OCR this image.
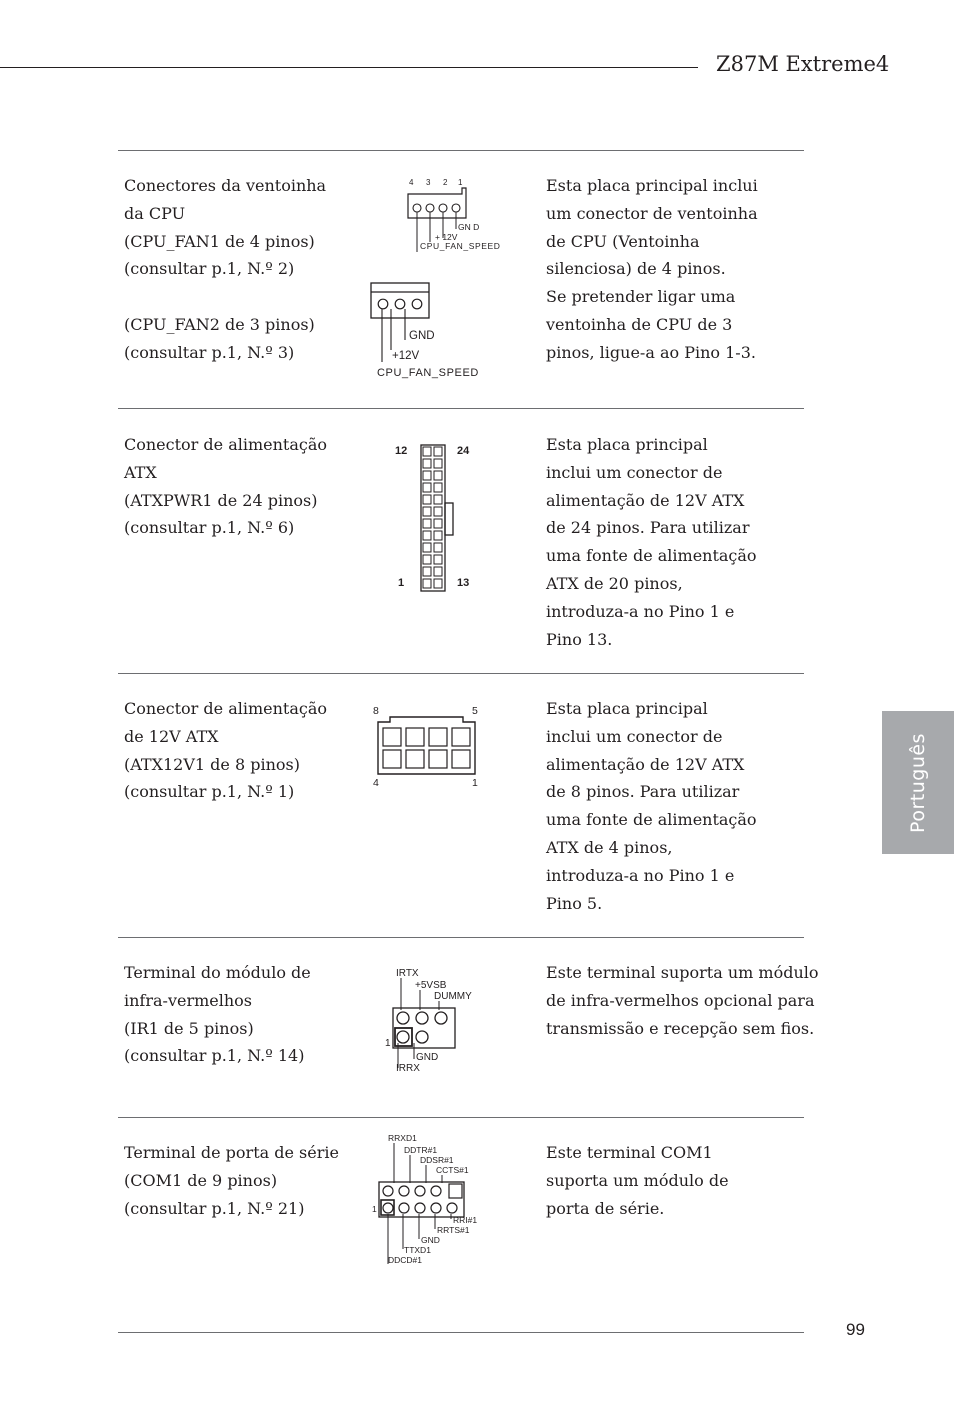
Z87M Extreme4
Português
Conectores da ventoinha
da CPU
(CPU_FAN1 de 4 pinos)
(consultar p.1, N.º 2)
(CPU_FAN2 de 3 pinos)
(consultar p.1, N.º 3)
Esta placa principal inclui
um conector de ventoinha
de CPU (Ventoinha
silenciosa) de 4 pinos.
Se pretender ligar uma
ventoinha de CPU de 3
pinos, ligue-a ao Pino 1-3.
4 3 2 1
GN D
+ 12V
CPU_FAN_SPEED
GND
+12V
CPU_FAN_SPEED
Conector de alimentação
ATX
(ATXPWR1 de 24 pinos)
(consultar p.1, N.º 6)
Esta placa principal
inclui um conector de
alimentação de 12V ATX
de 24 pinos. Para utilizar
uma fonte de alimentação
ATX de 20 pinos,
introduza-a no Pino 1 e
Pino 13.
12	24
1	13
Conector de alimentação
de 12V ATX
(ATX12V1 de 8 pinos)
(consultar p.1, N.º 1)
Esta placa principal
inclui um conector de
alimentação de 12V ATX
de 8 pinos. Para utilizar
uma fonte de alimentação
ATX de 4 pinos,
introduza-a no Pino 1 e
Pino 5.
8	5
4	1
Terminal do módulo de
infra-vermelhos
(IR1 de 5 pinos)
(consultar p.1, N.º 14)
Este terminal suporta um módulo
de infra-vermelhos opcional para
transmissão e recepção sem fios.
IRTX
+5VSB
DUMMY
1
GND
IRRX
Terminal de porta de série
(COM1 de 9 pinos)
(consultar p.1, N.º 21)
Este terminal COM1
suporta um módulo de
porta de série.
RRXD1
DDTR#1
DDSR#1
CCTS#1
1
RRI#1
RRTS#1
GND
TTXD1
DDCD#1
99
